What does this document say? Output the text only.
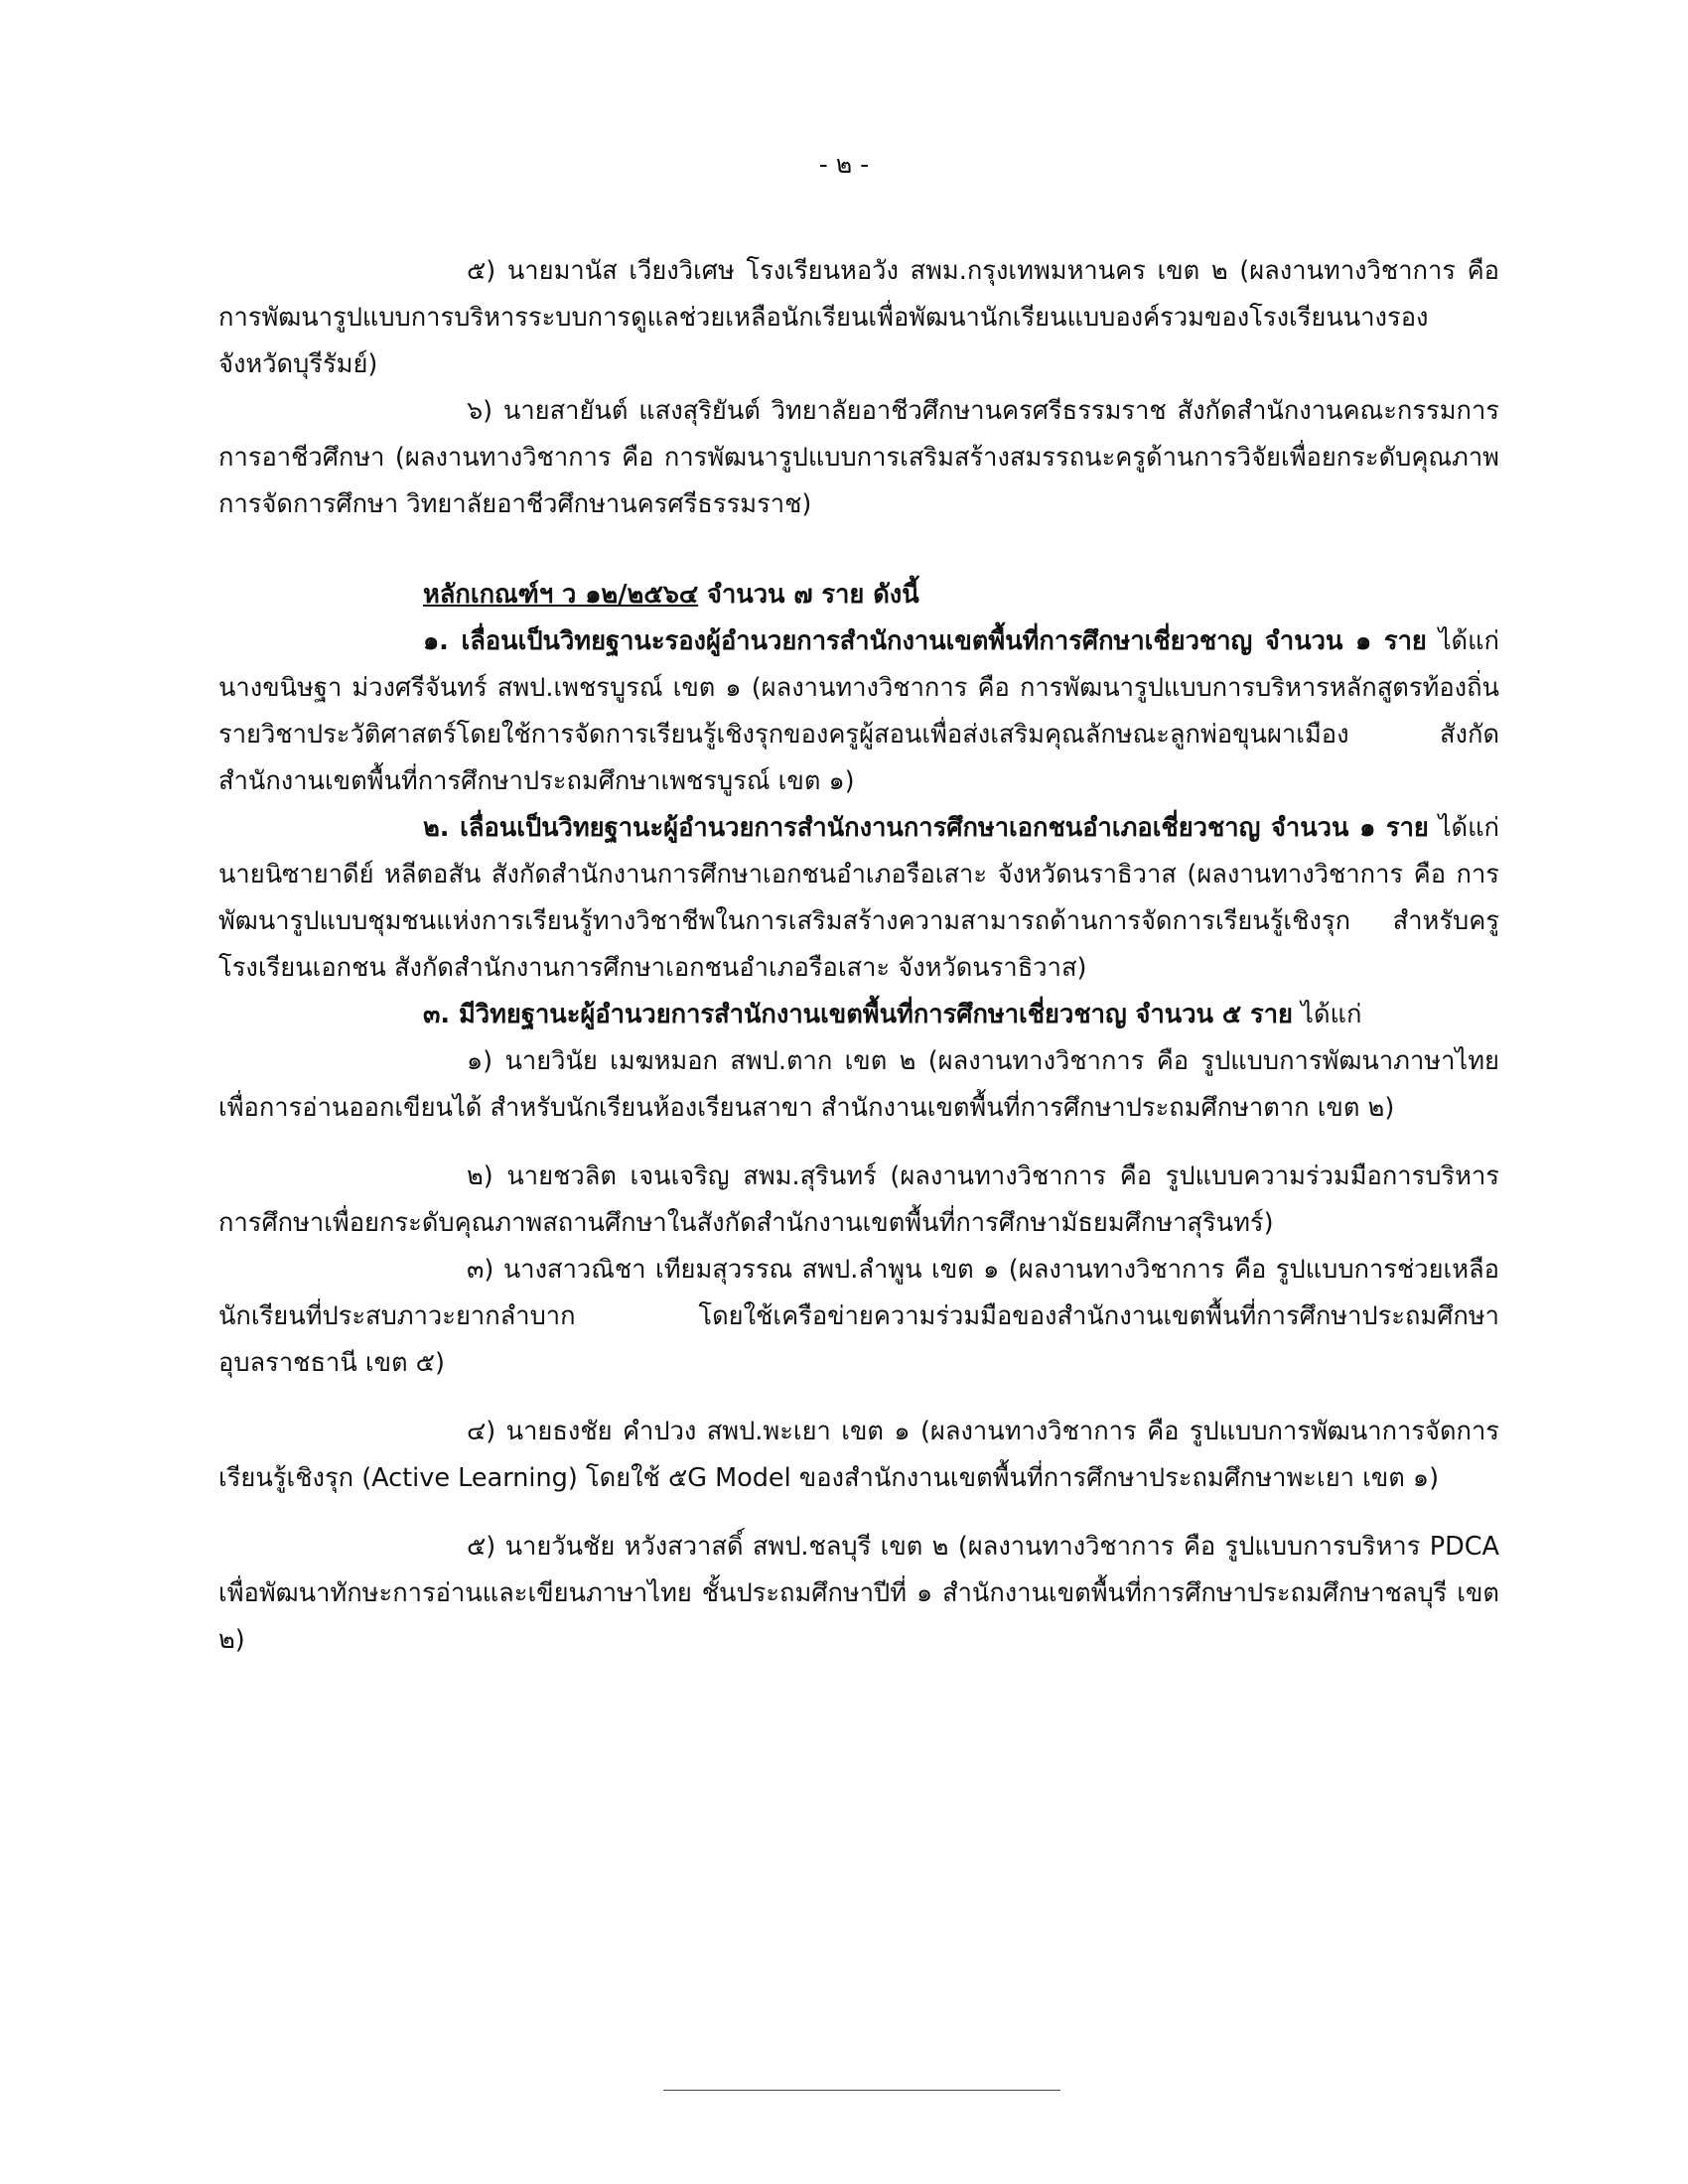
- ๒ -

๕) นายมานัส เวียงวิเศษ โรงเรียนหอวัง สพม.กรุงเทพมหานคร เขต ๒ (ผลงานทางวิชาการ คือ การพัฒนารูปแบบการบริหารระบบการดูแลช่วยเหลือนักเรียนเพื่อพัฒนานักเรียนแบบองค์รวมของโรงเรียนนางรอง จังหวัดบุรีรัมย์)

๖) นายสายันต์ แสงสุริยันต์ วิทยาลัยอาชีวศึกษานครศรีธรรมราช สังกัดสำนักงานคณะกรรมการการอาชีวศึกษา (ผลงานทางวิชาการ คือ การพัฒนารูปแบบการเสริมสร้างสมรรถนะครูด้านการวิจัยเพื่อยกระดับคุณภาพการจัดการศึกษา วิทยาลัยอาชีวศึกษานครศรีธรรมราช)

หลักเกณฑ์ฯ ว ๑๒/๒๕๖๔ จำนวน ๗ ราย ดังนี้

๑. เลื่อนเป็นวิทยฐานะรองผู้อำนวยการสำนักงานเขตพื้นที่การศึกษาเชี่ยวชาญ จำนวน ๑ ราย ได้แก่ นางขนิษฐา ม่วงศรีจันทร์ สพป.เพชรบูรณ์ เขต ๑ (ผลงานทางวิชาการ คือ การพัฒนารูปแบบการบริหารหลักสูตรท้องถิ่นรายวิชาประวัติศาสตร์โดยใช้การจัดการเรียนรู้เชิงรุกของครูผู้สอนเพื่อส่งเสริมคุณลักษณะลูกพ่อขุนผาเมือง สังกัดสำนักงานเขตพื้นที่การศึกษาประถมศึกษาเพชรบูรณ์ เขต ๑)

๒. เลื่อนเป็นวิทยฐานะผู้อำนวยการสำนักงานการศึกษาเอกชนอำเภอเชี่ยวชาญ จำนวน ๑ ราย ได้แก่ นายนิซายาดีย์ หลีตอสัน สังกัดสำนักงานการศึกษาเอกชนอำเภอรือเสาะ จังหวัดนราธิวาส (ผลงานทางวิชาการ คือ การพัฒนารูปแบบชุมชนแห่งการเรียนรู้ทางวิชาชีพในการเสริมสร้างความสามารถด้านการจัดการเรียนรู้เชิงรุก สำหรับครูโรงเรียนเอกชน สังกัดสำนักงานการศึกษาเอกชนอำเภอรือเสาะ จังหวัดนราธิวาส)

๓. มีวิทยฐานะผู้อำนวยการสำนักงานเขตพื้นที่การศึกษาเชี่ยวชาญ จำนวน ๕ ราย ได้แก่

๑) นายวินัย เมฆหมอก สพป.ตาก เขต ๒ (ผลงานทางวิชาการ คือ รูปแบบการพัฒนาภาษาไทยเพื่อการอ่านออกเขียนได้ สำหรับนักเรียนห้องเรียนสาขา สำนักงานเขตพื้นที่การศึกษาประถมศึกษาตาก เขต ๒)

๒) นายชวลิต เจนเจริญ สพม.สุรินทร์ (ผลงานทางวิชาการ คือ รูปแบบความร่วมมือการบริหารการศึกษาเพื่อยกระดับคุณภาพสถานศึกษาในสังกัดสำนักงานเขตพื้นที่การศึกษามัธยมศึกษาสุรินทร์)

๓) นางสาวณิชา เทียมสุวรรณ สพป.ลำพูน เขต ๑ (ผลงานทางวิชาการ คือ รูปแบบการช่วยเหลือนักเรียนที่ประสบภาวะยากลำบาก โดยใช้เครือข่ายความร่วมมือของสำนักงานเขตพื้นที่การศึกษาประถมศึกษาอุบลราชธานี เขต ๕)

๔) นายธงชัย คำปวง สพป.พะเยา เขต ๑ (ผลงานทางวิชาการ คือ รูปแบบการพัฒนาการจัดการเรียนรู้เชิงรุก (Active Learning) โดยใช้ ๕G Model ของสำนักงานเขตพื้นที่การศึกษาประถมศึกษาพะเยา เขต ๑)

๕) นายวันชัย หวังสวาสดิ์ สพป.ชลบุรี เขต ๒ (ผลงานทางวิชาการ คือ รูปแบบการบริหาร PDCA เพื่อพัฒนาทักษะการอ่านและเขียนภาษาไทย ชั้นประถมศึกษาปีที่ ๑ สำนักงานเขตพื้นที่การศึกษาประถมศึกษาชลบุรี เขต ๒)
